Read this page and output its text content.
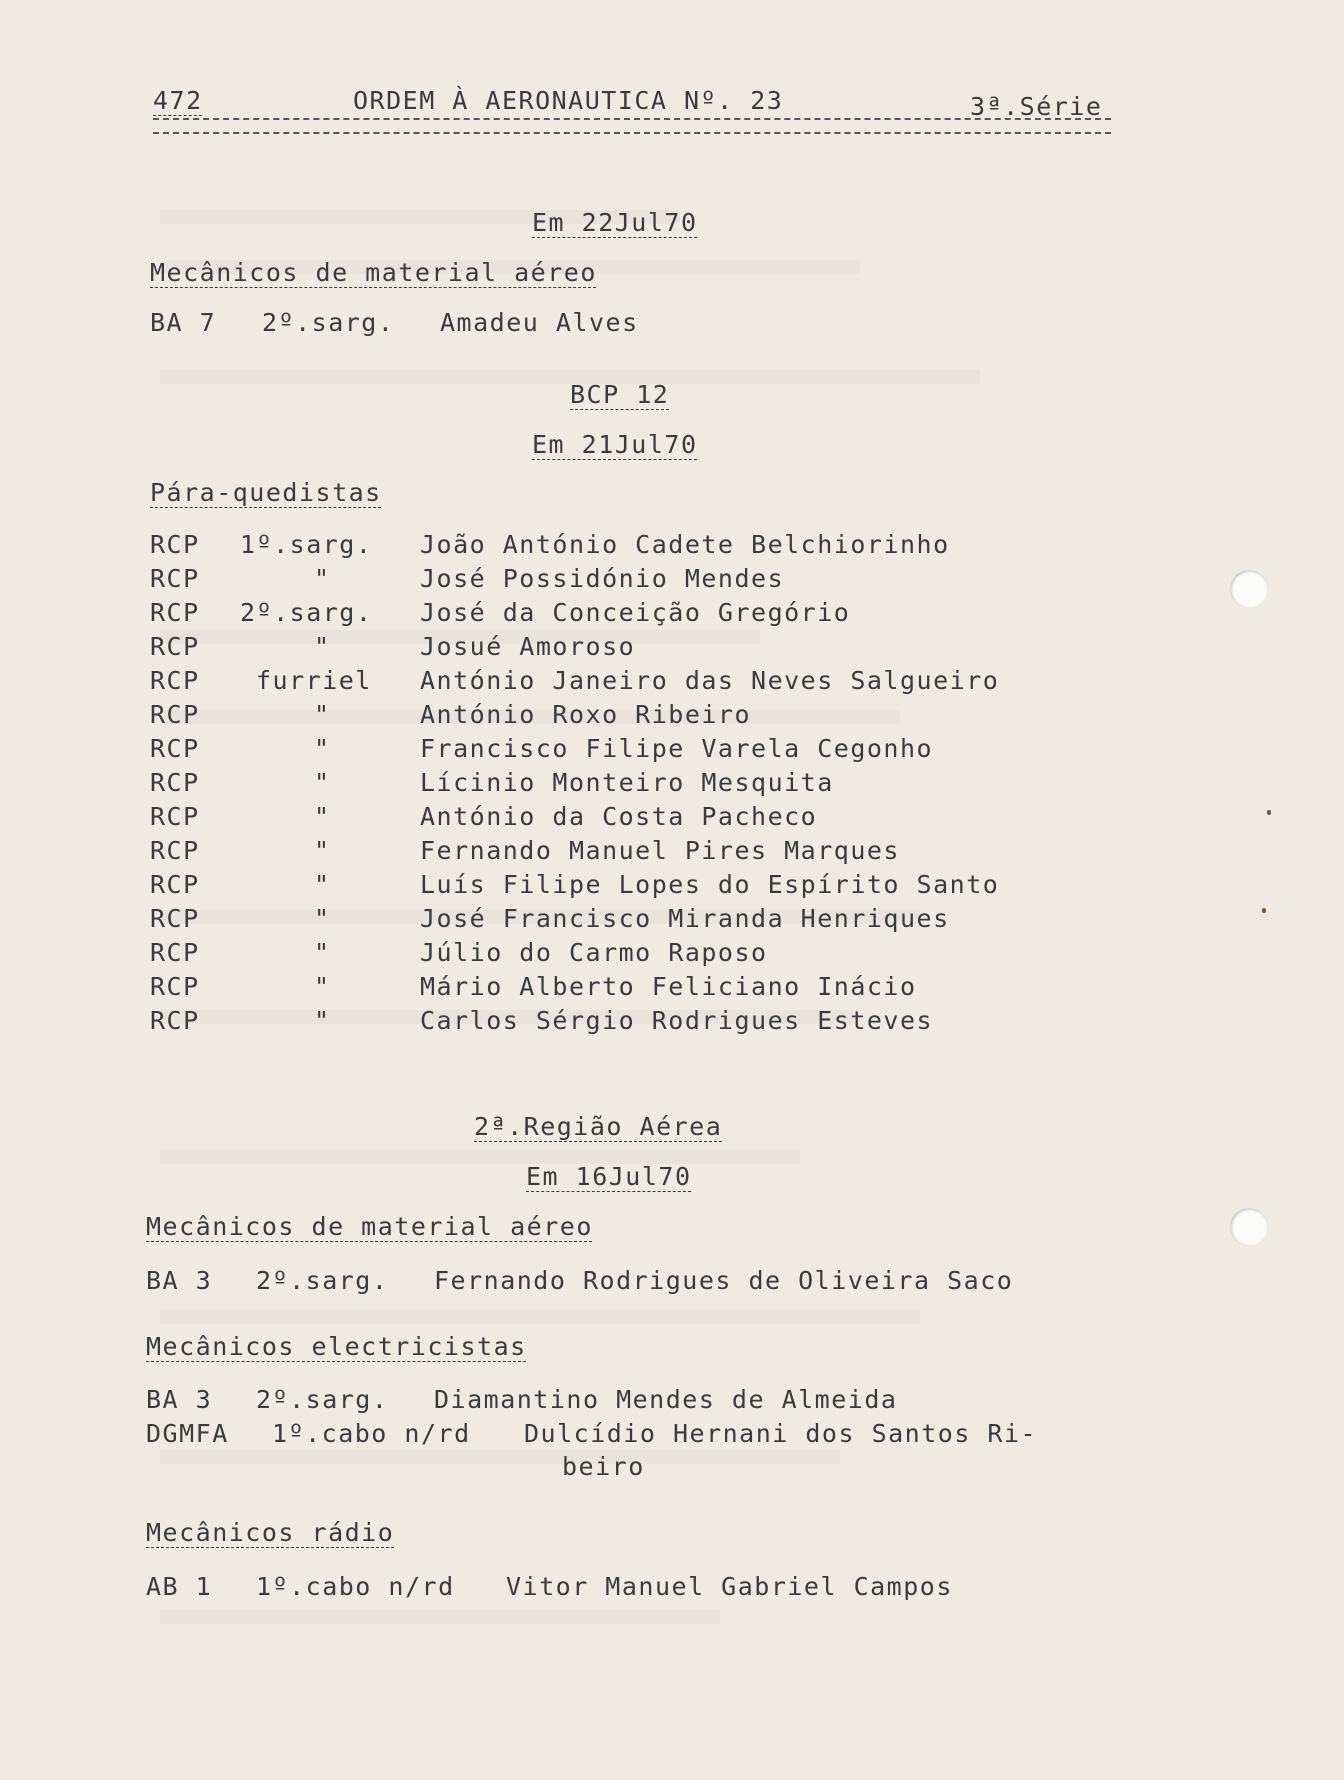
472	ORDEM À AERONAUTICA Nº. 23	3ª.Série
Em 22Jul70
Mecânicos de material aéreo
BA 7 2º.sarg. Amadeu Alves
BCP 12
Em 21Jul70
Pára-quedistas
RCP 1º.sarg. João António Cadete Belchiorinho
RCP	"	José Possidónio Mendes
RCP 2º.sarg. José da Conceição Gregório
RCP	"	Josué Amoroso
RCP furriel António Janeiro das Neves Salgueiro
RCP	"	António Roxo Ribeiro
RCP	"	Francisco Filipe Varela Cegonho
RCP	"	Lícinio Monteiro Mesquita
RCP	"	António da Costa Pacheco
RCP	"	Fernando Manuel Pires Marques
RCP	"	Luís Filipe Lopes do Espírito Santo
RCP	"	José Francisco Miranda Henriques
RCP	"	Júlio do Carmo Raposo
RCP	"	Mário Alberto Feliciano Inácio
RCP	"	Carlos Sérgio Rodrigues Esteves
2ª.Região Aérea
Em 16Jul70
Mecânicos de material aéreo
BA 3 2º.sarg. Fernando Rodrigues de Oliveira Saco
Mecânicos electricistas
BA 3 2º.sarg. Diamantino Mendes de Almeida
DGMFA 1º.cabo n/rd Dulcídio Hernani dos Santos Ri-
beiro
Mecânicos rádio
AB 1 1º.cabo n/rd Vitor Manuel Gabriel Campos
